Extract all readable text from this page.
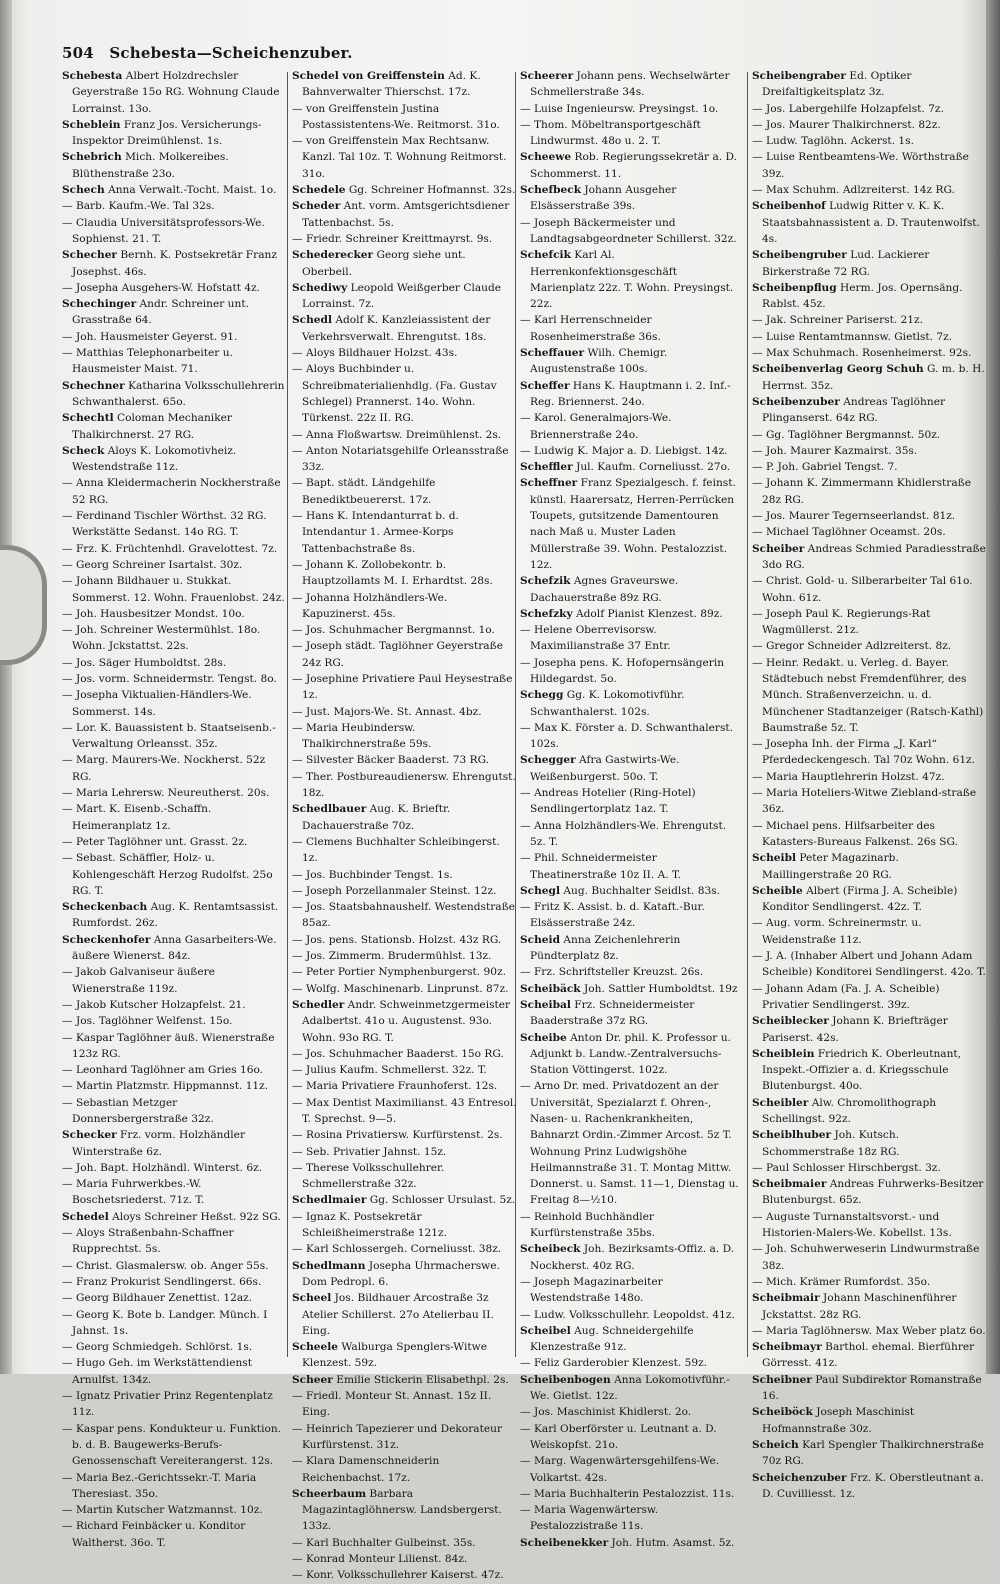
504 Schebesta—Scheichenzuber.

Schebesta Albert Holzdrechsler Geyerstraße 15o RG. Wohnung Claude Lorrainst. 13o.

Scheblein Franz Jos. Versicherungs-Inspektor Dreimühlenst. 1s.

Schebrich Mich. Molkereibes. Blüthenstraße 23o.

Schech Anna Verwalt.-Tocht. Maist. 1o.

— Barb. Kaufm.-We. Tal 32s.

— Claudia Universitätsprofessors-We. Sophienst. 21. T.

Schecher Bernh. K. Postsekretär Franz Josephst. 46s.

— Josepha Ausgehers-W. Hofstatt 4z.

Schechinger Andr. Schreiner unt. Grasstraße 64.

— Joh. Hausmeister Geyerst. 91.

— Matthias Telephonarbeiter u. Hausmeister Maist. 71.

Schechner Katharina Volksschullehrerin Schwanthalerst. 65o.

Schechtl Coloman Mechaniker Thalkirchnerst. 27 RG.

Scheck Aloys K. Lokomotivheiz. Westendstraße 11z.

— Anna Kleidermacherin Nockherstraße 52 RG.

— Ferdinand Tischler Wörthst. 32 RG. Werkstätte Sedanst. 14o RG. T.

— Frz. K. Früchtenhdl. Gravelottest. 7z.

— Georg Schreiner Isartalst. 30z.

— Johann Bildhauer u. Stukkat. Sommerst. 12. Wohn. Frauenlobst. 24z.

— Joh. Hausbesitzer Mondst. 10o.

— Joh. Schreiner Westermühlst. 18o. Wohn. Jckstattst. 22s.

— Jos. Säger Humboldtst. 28s.

— Jos. vorm. Schneidermstr. Tengst. 8o.

— Josepha Viktualien-Händlers-We. Sommerst. 14s.

— Lor. K. Bauassistent b. Staatseisenb.-Verwaltung Orleansst. 35z.

— Marg. Maurers-We. Nockherst. 52z RG.

— Maria Lehrersw. Neureutherst. 20s.

— Mart. K. Eisenb.-Schaffn. Heimeranplatz 1z.

— Peter Taglöhner unt. Grasst. 2z.

— Sebast. Schäffler, Holz- u. Kohlengeschäft Herzog Rudolfst. 25o RG. T.

Scheckenbach Aug. K. Rentamtsassist. Rumfordst. 26z.

Scheckenhofer Anna Gasarbeiters-We. äußere Wienerst. 84z.

— Jakob Galvaniseur äußere Wienerstraße 119z.

— Jakob Kutscher Holzapfelst. 21.

— Jos. Taglöhner Welfenst. 15o.

— Kaspar Taglöhner äuß. Wienerstraße 123z RG.

— Leonhard Taglöhner am Gries 16o.

— Martin Platzmstr. Hippmannst. 11z.

— Sebastian Metzger Donnersbergerstraße 32z.

Schecker Frz. vorm. Holzhändler Winterstraße 6z.

— Joh. Bapt. Holzhändl. Winterst. 6z.

— Maria Fuhrwerkbes.-W. Boschetsriederst. 71z. T.

Schedel Aloys Schreiner Heßst. 92z SG.

— Aloys Straßenbahn-Schaffner Rupprechtst. 5s.

— Christ. Glasmalersw. ob. Anger 55s.

— Franz Prokurist Sendlingerst. 66s.

— Georg Bildhauer Zenettist. 12az.

— Georg K. Bote b. Landger. Münch. I Jahnst. 1s.

— Georg Schmiedgeh. Schlörst. 1s.

— Hugo Geh. im Werkstättendienst Arnulfst. 134z.

— Ignatz Privatier Prinz Regentenplatz 11z.

— Kaspar pens. Kondukteur u. Funktion. b. d. B. Baugewerks-Berufs-Genossenschaft Vereiterangerst. 12s.

— Maria Bez.-Gerichtssekr.-T. Maria Theresiast. 35o.

— Martin Kutscher Watzmannst. 10z.

— Richard Feinbäcker u. Konditor Waltherst. 36o. T.

Schedel von Greiffenstein Ad. K. Bahnverwalter Thierschst. 17z.

— von Greiffenstein Justina Postassistentens-We. Reitmorst. 31o.

— von Greiffenstein Max Rechtsanw. Kanzl. Tal 10z. T. Wohnung Reitmorst. 31o.

Schedele Gg. Schreiner Hofmannst. 32s.

Scheder Ant. vorm. Amtsgerichtsdiener Tattenbachst. 5s.

— Friedr. Schreiner Kreittmayrst. 9s.

Schederecker Georg siehe unt. Oberbeil.

Schediwy Leopold Weißgerber Claude Lorrainst. 7z.

Schedl Adolf K. Kanzleiassistent der Verkehrsverwalt. Ehrengutst. 18s.

— Aloys Bildhauer Holzst. 43s.

— Aloys Buchbinder u. Schreibmaterialienhdlg. (Fa. Gustav Schlegel) Prannerst. 14o. Wohn. Türkenst. 22z II. RG.

— Anna Floßwartsw. Dreimühlenst. 2s.

— Anton Notariatsgehilfe Orleansstraße 33z.

— Bapt. städt. Ländgehilfe Benediktbeuererst. 17z.

— Hans K. Intendanturrat b. d. Intendantur 1. Armee-Korps Tattenbachstraße 8s.

— Johann K. Zollobekontr. b. Hauptzollamts M. I. Erhardtst. 28s.

— Johanna Holzhändlers-We. Kapuzinerst. 45s.

— Jos. Schuhmacher Bergmannst. 1o.

— Joseph städt. Taglöhner Geyerstraße 24z RG.

— Josephine Privatiere Paul Heysestraße 1z.

— Just. Majors-We. St. Annast. 4bz.

— Maria Heubindersw. Thalkirchnerstraße 59s.

— Silvester Bäcker Baaderst. 73 RG.

— Ther. Postbureaudienersw. Ehrengutst. 18z.

Schedlbauer Aug. K. Brieftr. Dachauerstraße 70z.

— Clemens Buchhalter Schleibingerst. 1z.

— Jos. Buchbinder Tengst. 1s.

— Joseph Porzellanmaler Steinst. 12z.

— Jos. Staatsbahnaushelf. Westendstraße 85az.

— Jos. pens. Stationsb. Holzst. 43z RG.

— Jos. Zimmerm. Brudermühlst. 13z.

— Peter Portier Nymphenburgerst. 90z.

— Wolfg. Maschinenarb. Linprunst. 87z.

Schedler Andr. Schweinmetzgermeister Adalbertst. 41o u. Augustenst. 93o. Wohn. 93o RG. T.

— Jos. Schuhmacher Baaderst. 15o RG.

— Julius Kaufm. Schmellerst. 32z. T.

— Maria Privatiere Fraunhoferst. 12s.

— Max Dentist Maximilianst. 43 Entresol. T. Sprechst. 9—5.

— Rosina Privatiersw. Kurfürstenst. 2s.

— Seb. Privatier Jahnst. 15z.

— Therese Volksschullehrer. Schmellerstraße 32z.

Schedlmaier Gg. Schlosser Ursulast. 5z.

— Ignaz K. Postsekretär Schleißheimerstraße 121z.

— Karl Schlossergeh. Corneliusst. 38z.

Schedlmann Josepha Uhrmacherswe. Dom Pedropl. 6.

Scheel Jos. Bildhauer Arcostraße 3z Atelier Schillerst. 27o Atelierbau II. Eing.

Scheele Walburga Spenglers-Witwe Klenzest. 59z.

Scheer Emilie Stickerin Elisabethpl. 2s.

— Friedl. Monteur St. Annast. 15z II. Eing.

— Heinrich Tapezierer und Dekorateur Kurfürstenst. 31z.

— Klara Damenschneiderin Reichenbachst. 17z.

Scheerbaum Barbara Magazintaglöhnersw. Landsbergerst. 133z.

— Karl Buchhalter Gulbeinst. 35s.

— Konrad Monteur Lilienst. 84z.

— Konr. Volksschullehrer Kaiserst. 47z.

Scheerer Johann pens. Wechselwärter Schmellerstraße 34s.

— Luise Ingenieursw. Preysingst. 1o.

— Thom. Möbeltransportgeschäft Lindwurmst. 48o u. 2. T.

Scheewe Rob. Regierungssekretär a. D. Schommerst. 11.

Schefbeck Johann Ausgeher Elsässerstraße 39s.

— Joseph Bäckermeister und Landtagsabgeordneter Schillerst. 32z.

Schefcik Karl Al. Herrenkonfektionsgeschäft Marienplatz 22z. T. Wohn. Preysingst. 22z.

— Karl Herrenschneider Rosenheimerstraße 36s.

Scheffauer Wilh. Chemigr. Augustenstraße 100s.

Scheffer Hans K. Hauptmann i. 2. Inf.-Reg. Briennerst. 24o.

— Karol. Generalmajors-We. Briennerstraße 24o.

— Ludwig K. Major a. D. Liebigst. 14z.

Scheffler Jul. Kaufm. Corneliusst. 27o.

Scheffner Franz Spezialgesch. f. feinst. künstl. Haarersatz, Herren-Perrücken Toupets, gutsitzende Damentouren nach Maß u. Muster Laden Müllerstraße 39. Wohn. Pestalozzist. 12z.

Schefzik Agnes Graveurswe. Dachauerstraße 89z RG.

Schefzky Adolf Pianist Klenzest. 89z.

— Helene Oberrevisorsw. Maximilianstraße 37 Entr.

— Josepha pens. K. Hofopernsängerin Hildegardst. 5o.

Schegg Gg. K. Lokomotivführ. Schwanthalerst. 102s.

— Max K. Förster a. D. Schwanthalerst. 102s.

Schegger Afra Gastwirts-We. Weißenburgerst. 50o. T.

— Andreas Hotelier (Ring-Hotel) Sendlingertorplatz 1az. T.

— Anna Holzhändlers-We. Ehrengutst. 5z. T.

— Phil. Schneidermeister Theatinerstraße 10z II. A. T.

Schegl Aug. Buchhalter Seidlst. 83s.

— Fritz K. Assist. b. d. Kataft.-Bur. Elsässerstraße 24z.

Scheid Anna Zeichenlehrerin Pündterplatz 8z.

— Frz. Schriftsteller Kreuzst. 26s.

Scheibäck Joh. Sattler Humboldtst. 19z

Scheibal Frz. Schneidermeister Baaderstraße 37z RG.

Scheibe Anton Dr. phil. K. Professor u. Adjunkt b. Landw.-Zentralversuchs-Station Vöttingerst. 102z.

— Arno Dr. med. Privatdozent an der Universität, Spezialarzt f. Ohren-, Nasen- u. Rachenkrankheiten, Bahnarzt Ordin.-Zimmer Arcost. 5z T. Wohnung Prinz Ludwigshöhe Heilmannstraße 31. T. Montag Mittw. Donnerst. u. Samst. 11—1, Dienstag u. Freitag 8—½10.

— Reinhold Buchhändler Kurfürstenstraße 35bs.

Scheibeck Joh. Bezirksamts-Offiz. a. D. Nockherst. 40z RG.

— Joseph Magazinarbeiter Westendstraße 148o.

— Ludw. Volksschullehr. Leopoldst. 41z.

Scheibel Aug. Schneidergehilfe Klenzestraße 91z.

— Feliz Garderobier Klenzest. 59z.

Scheibenbogen Anna Lokomotivführ.-We. Gietlst. 12z.

— Jos. Maschinist Khidlerst. 2o.

— Karl Oberförster u. Leutnant a. D. Weiskopfst. 21o.

— Marg. Wagenwärtersgehilfens-We. Volkartst. 42s.

— Maria Buchhalterin Pestalozzist. 11s.

— Maria Wagenwärtersw. Pestalozzistraße 11s.

Scheibenekker Joh. Hutm. Asamst. 5z.

Scheibengraber Ed. Optiker Dreifaltigkeitsplatz 3z.

— Jos. Labergehilfe Holzapfelst. 7z.

— Jos. Maurer Thalkirchnerst. 82z.

— Ludw. Taglöhn. Ackerst. 1s.

— Luise Rentbeamtens-We. Wörthstraße 39z.

— Max Schuhm. Adlzreiterst. 14z RG.

Scheibenhof Ludwig Ritter v. K. K. Staatsbahnassistent a. D. Trautenwolfst. 4s.

Scheibengruber Lud. Lackierer Birkerstraße 72 RG.

Scheibenpflug Herm. Jos. Opernsäng. Rablst. 45z.

— Jak. Schreiner Pariserst. 21z.

— Luise Rentamtmannsw. Gietlst. 7z.

— Max Schuhmach. Rosenheimerst. 92s.

Scheibenverlag Georg Schuh G. m. b. H. Herrnst. 35z.

Scheibenzuber Andreas Taglöhner Plinganserst. 64z RG.

— Gg. Taglöhner Bergmannst. 50z.

— Joh. Maurer Kazmairst. 35s.

— P. Joh. Gabriel Tengst. 7.

— Johann K. Zimmermann Khidlerstraße 28z RG.

— Jos. Maurer Tegernseerlandst. 81z.

— Michael Taglöhner Oceamst. 20s.

Scheiber Andreas Schmied Paradiesstraße 3do RG.

— Christ. Gold- u. Silberarbeiter Tal 61o. Wohn. 61z.

— Joseph Paul K. Regierungs-Rat Wagmüllerst. 21z.

— Gregor Schneider Adlzreiterst. 8z.

— Heinr. Redakt. u. Verleg. d. Bayer. Städtebuch nebst Fremdenführer, des Münch. Straßenverzeichn. u. d. Münchener Stadtanzeiger (Ratsch-Kathl) Baumstraße 5z. T.

— Josepha Inh. der Firma „J. Karl“ Pferdedeckengesch. Tal 70z Wohn. 61z.

— Maria Hauptlehrerin Holzst. 47z.

— Maria Hoteliers-Witwe Ziebland-straße 36z.

— Michael pens. Hilfsarbeiter des Katasters-Bureaus Falkenst. 26s SG.

Scheibl Peter Magazinarb. Maillingerstraße 20 RG.

Scheible Albert (Firma J. A. Scheible) Konditor Sendlingerst. 42z. T.

— Aug. vorm. Schreinermstr. u. Weidenstraße 11z.

— J. A. (Inhaber Albert und Johann Adam Scheible) Konditorei Sendlingerst. 42o. T.

— Johann Adam (Fa. J. A. Scheible) Privatier Sendlingerst. 39z.

Scheiblecker Johann K. Briefträger Pariserst. 42s.

Scheiblein Friedrich K. Oberleutnant, Inspekt.-Offizier a. d. Kriegsschule Blutenburgst. 40o.

Scheibler Alw. Chromolithograph Schellingst. 92z.

Scheiblhuber Joh. Kutsch. Schommerstraße 18z RG.

— Paul Schlosser Hirschbergst. 3z.

Scheibmaier Andreas Fuhrwerks-Besitzer Blutenburgst. 65z.

— Auguste Turnanstaltsvorst.- und Historien-Malers-We. Kobellst. 13s.

— Joh. Schuhwerweserin Lindwurmstraße 38z.

— Mich. Krämer Rumfordst. 35o.

Scheibmair Johann Maschinenführer Jckstattst. 28z RG.

— Maria Taglöhnersw. Max Weber platz 6o.

Scheibmayr Barthol. ehemal. Bierführer Görresst. 41z.

Scheibner Paul Subdirektor Romanstraße 16.

Scheiböck Joseph Maschinist Hofmannstraße 30z.

Scheich Karl Spengler Thalkirchnerstraße 70z RG.

Scheichenzuber Frz. K. Oberstleutnant a. D. Cuvilliesst. 1z.
